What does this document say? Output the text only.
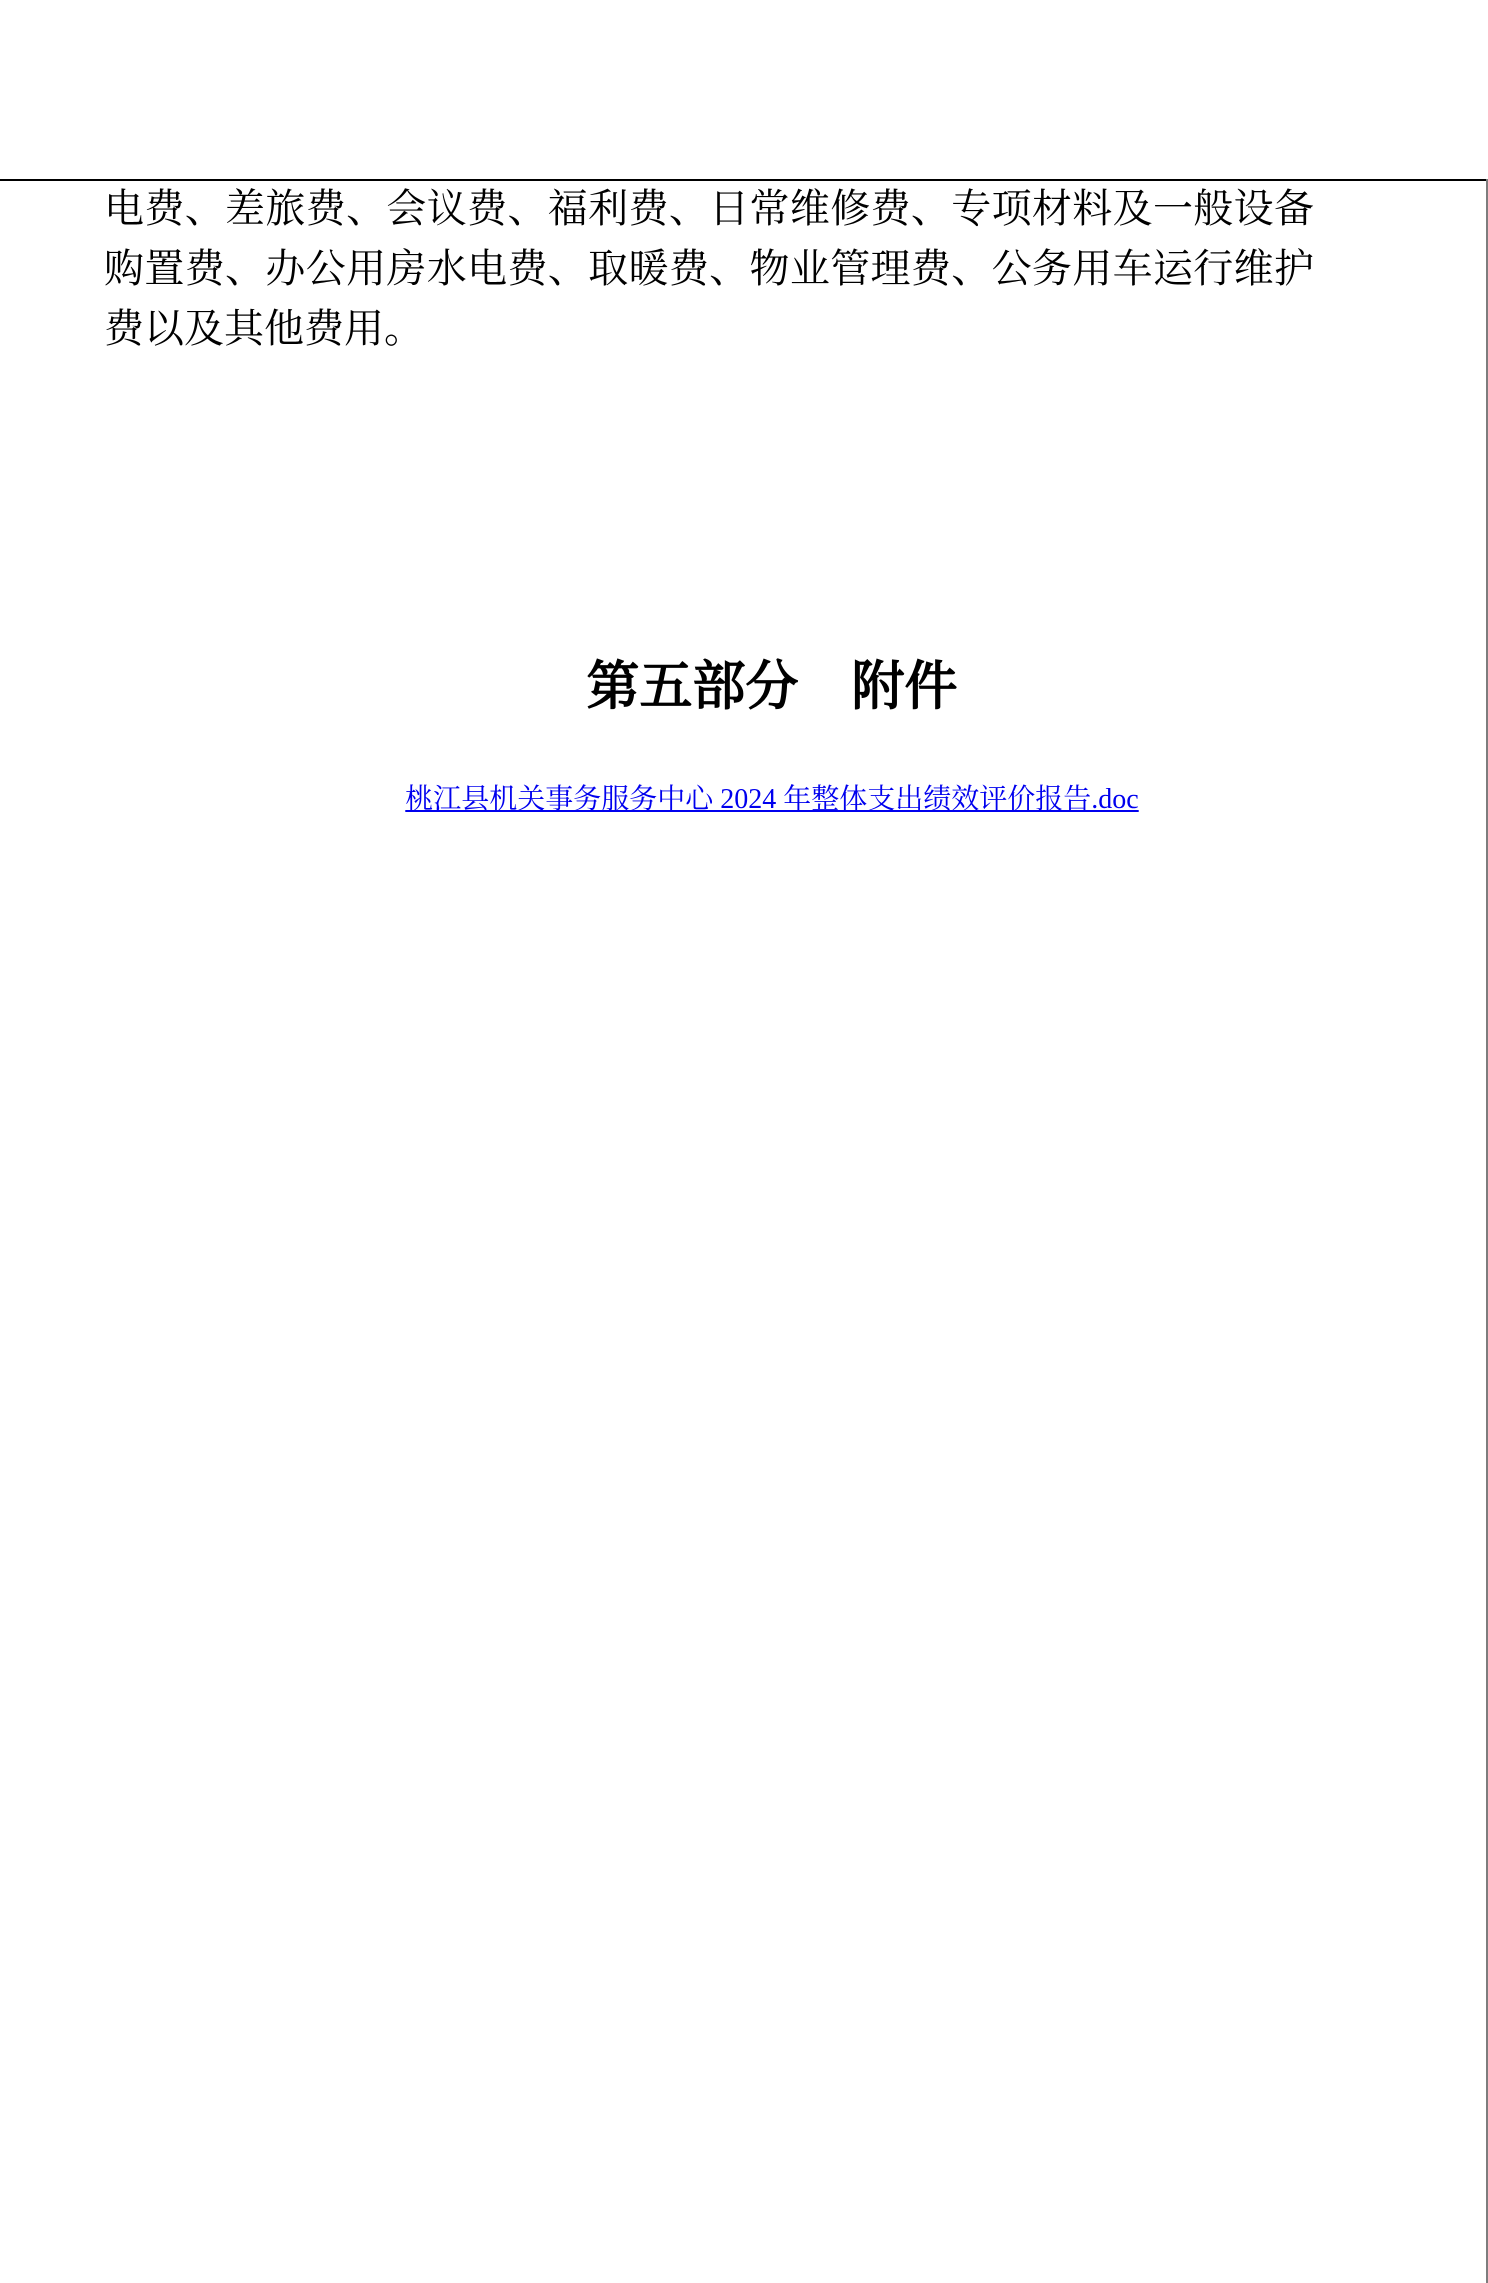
电费、差旅费、会议费、福利费、日常维修费、专项材料及一般设备
购置费、办公用房水电费、取暖费、物业管理费、公务用车运行维护
费以及其他费用。
第五部分　附件
桃江县机关事务服务中心 2024 年整体支出绩效评价报告.doc
